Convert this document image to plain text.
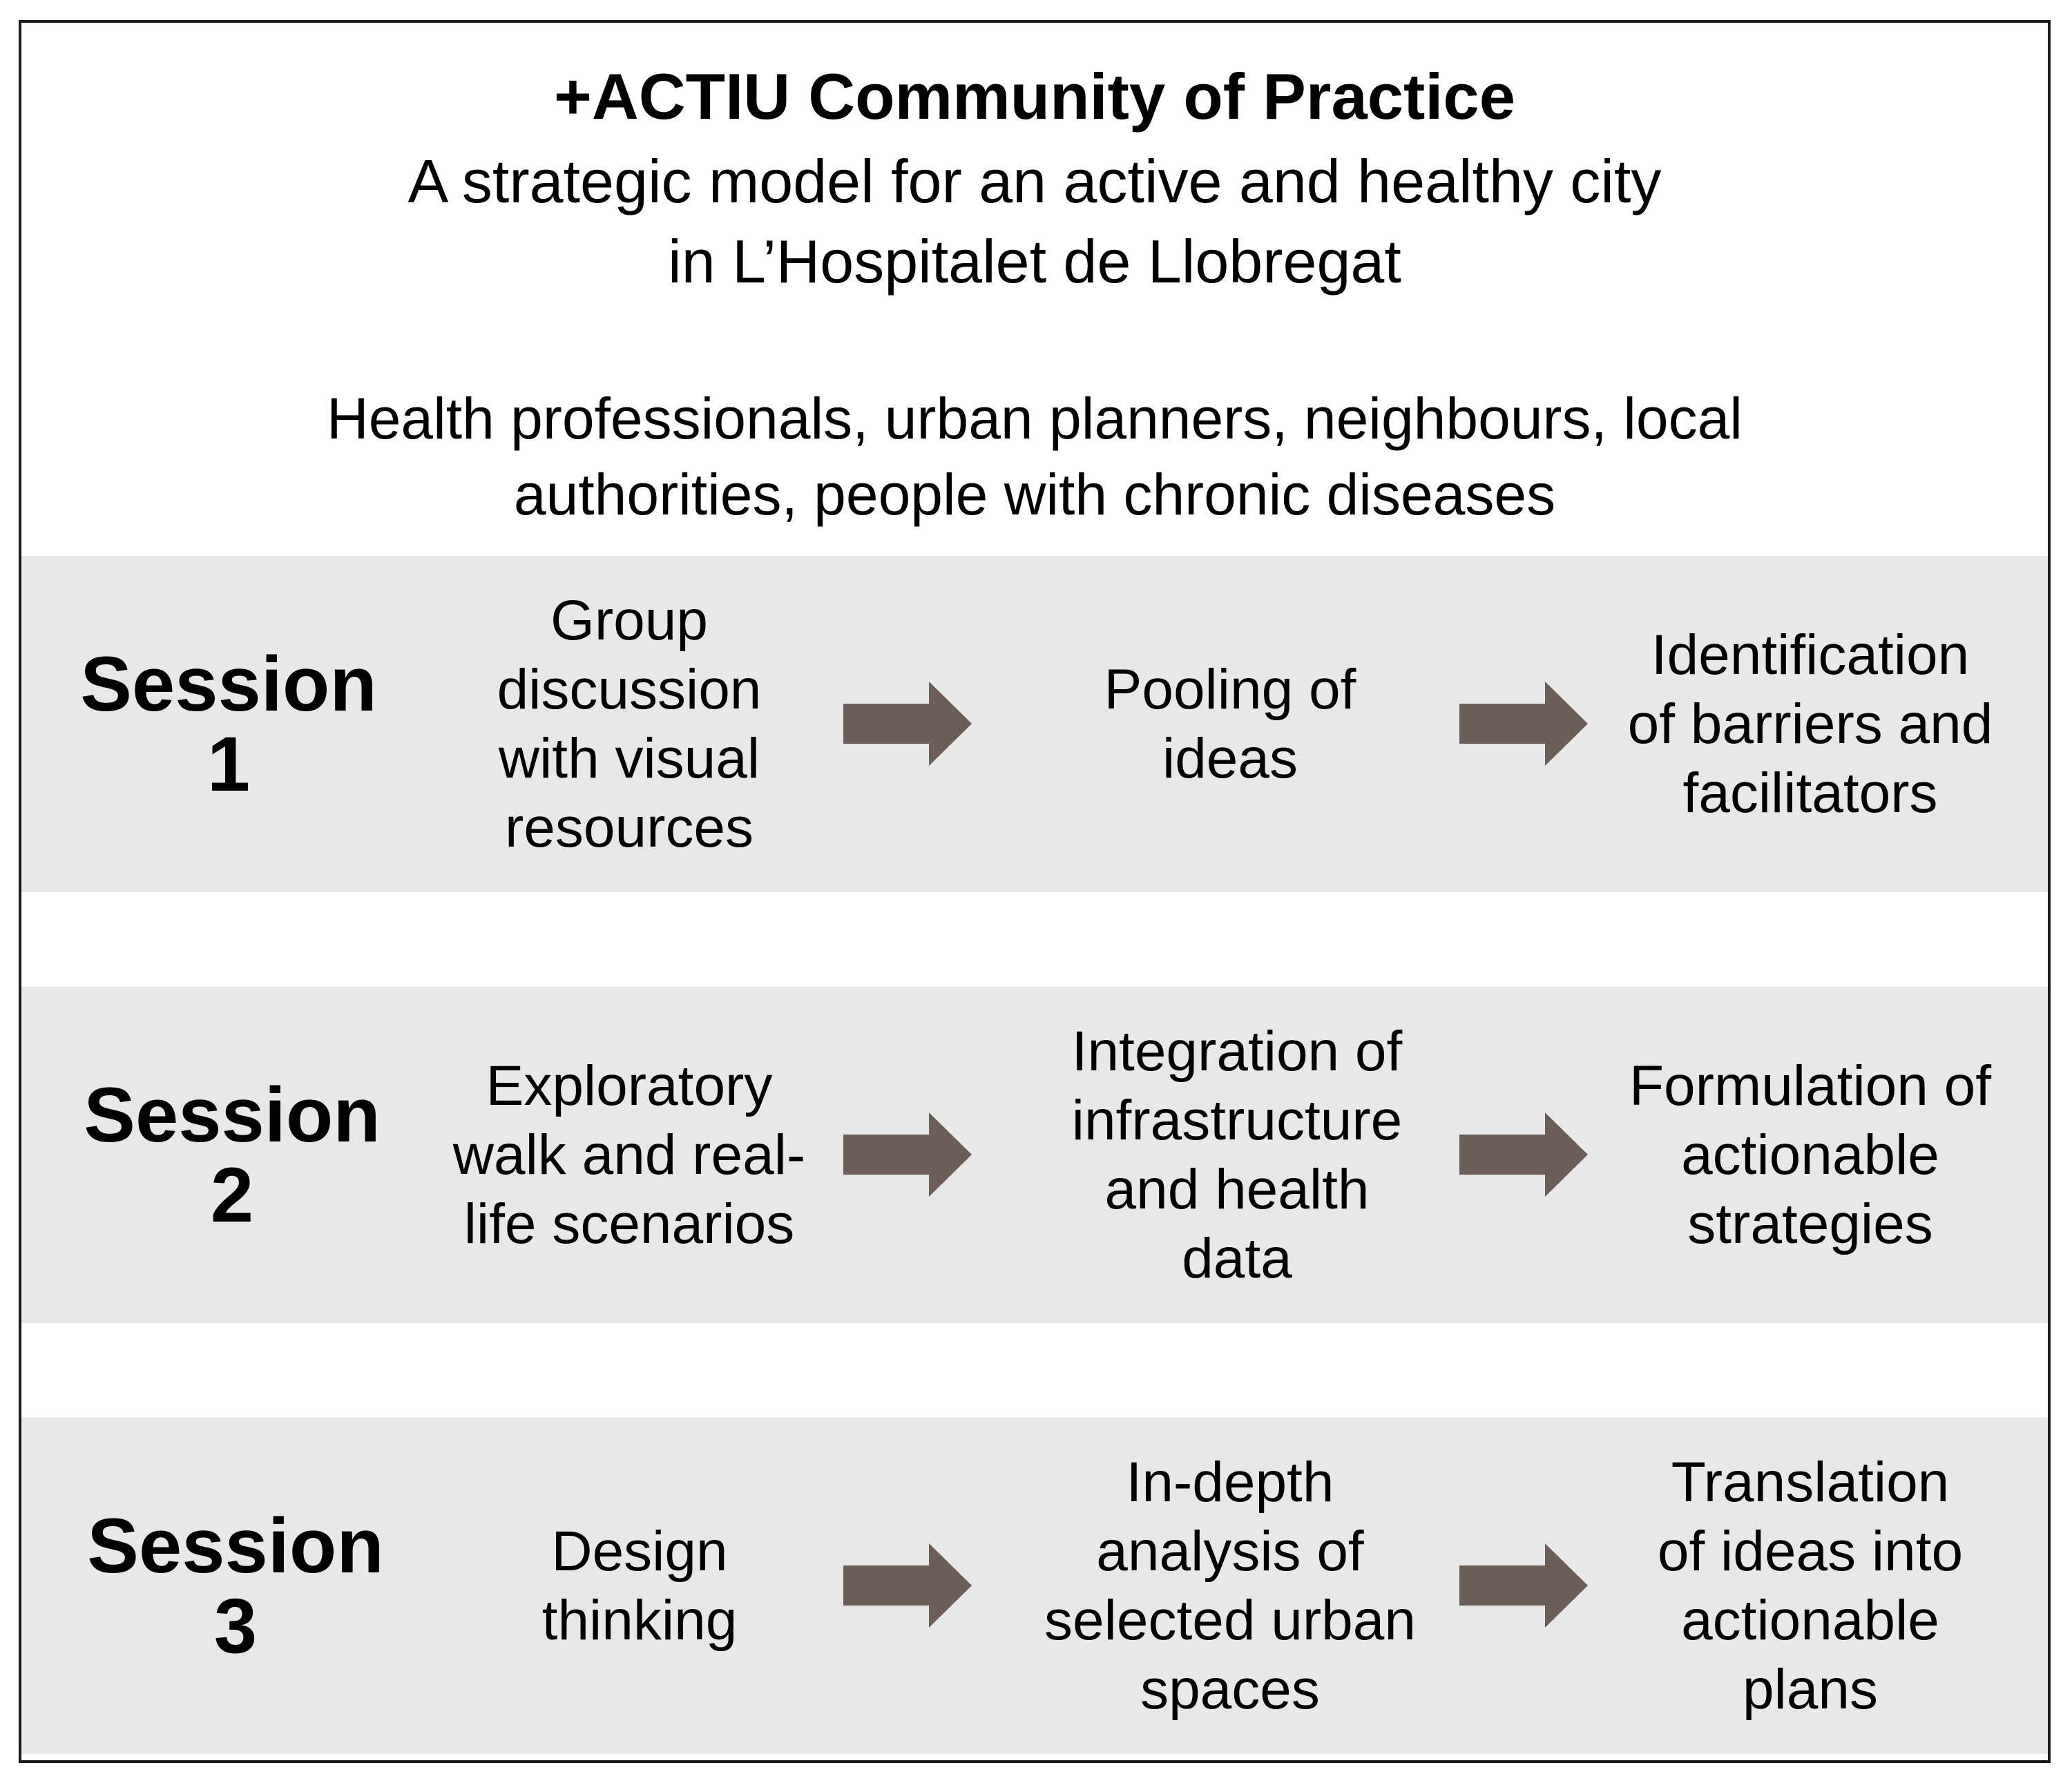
+ACTIU Community of Practice
A strategic model for an active and healthy city
in L’Hospitalet de Llobregat
Health professionals, urban planners, neighbours, local
authorities, people with chronic diseases
Session
1
Group
discussion
with visual
resources
Pooling of
ideas
Identification
of barriers and
facilitators
Session
2
Exploratory
walk and real-
life scenarios
Integration of
infrastructure
and health
data
Formulation of
actionable
strategies
Session
3
Design
thinking
In-depth
analysis of
selected urban
spaces
Translation
of ideas into
actionable
plans
